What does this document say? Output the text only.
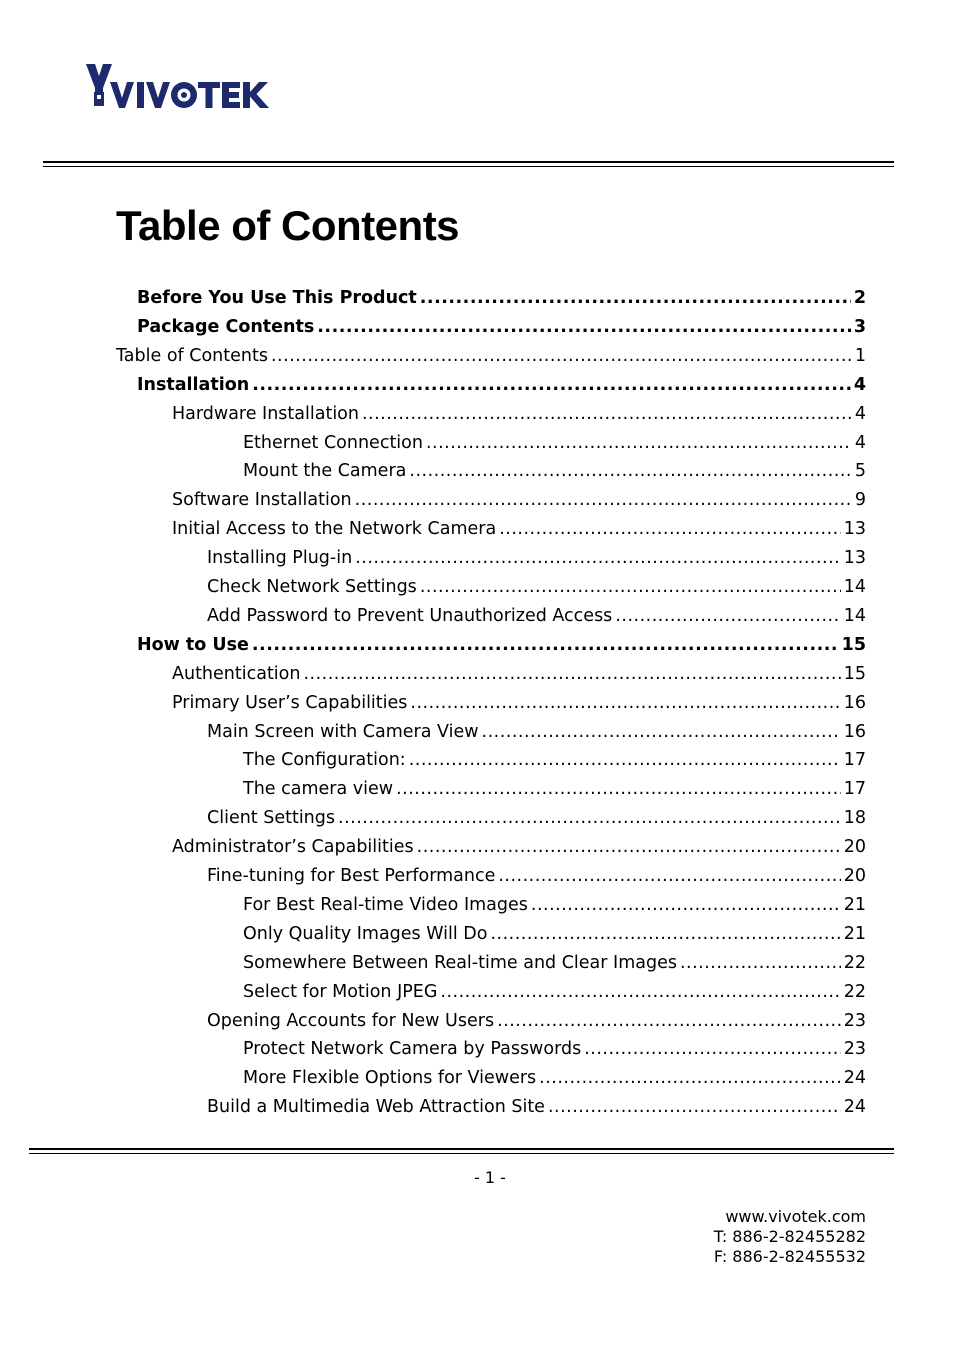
Table of Contents
Before You Use This Product .....	2
Package Contents .....	3
Table of Contents .....	1
Installation .....	4
Hardware Installation .....	4
Ethernet Connection .....	4
Mount the Camera .....	5
Software Installation .....	9
Initial Access to the Network Camera .....	13
Installing Plug-in .....	13
Check Network Settings .....	14
Add Password to Prevent Unauthorized Access .....	14
How to Use .....	15
Authentication .....	15
Primary User’s Capabilities .....	16
Main Screen with Camera View .....	16
The Configuration: .....	17
The camera view .....	17
Client Settings .....	18
Administrator’s Capabilities .....	20
Fine-tuning for Best Performance .....	20
For Best Real-time Video Images .....	21
Only Quality Images Will Do .....	21
Somewhere Between Real-time and Clear Images .....	22
Select for Motion JPEG .....	22
Opening Accounts for New Users .....	23
Protect Network Camera by Passwords .....	23
More Flexible Options for Viewers .....	24
Build a Multimedia Web Attraction Site .....	24
- 1 -
www.vivotek.com
T: 886-2-82455282
F: 886-2-82455532
